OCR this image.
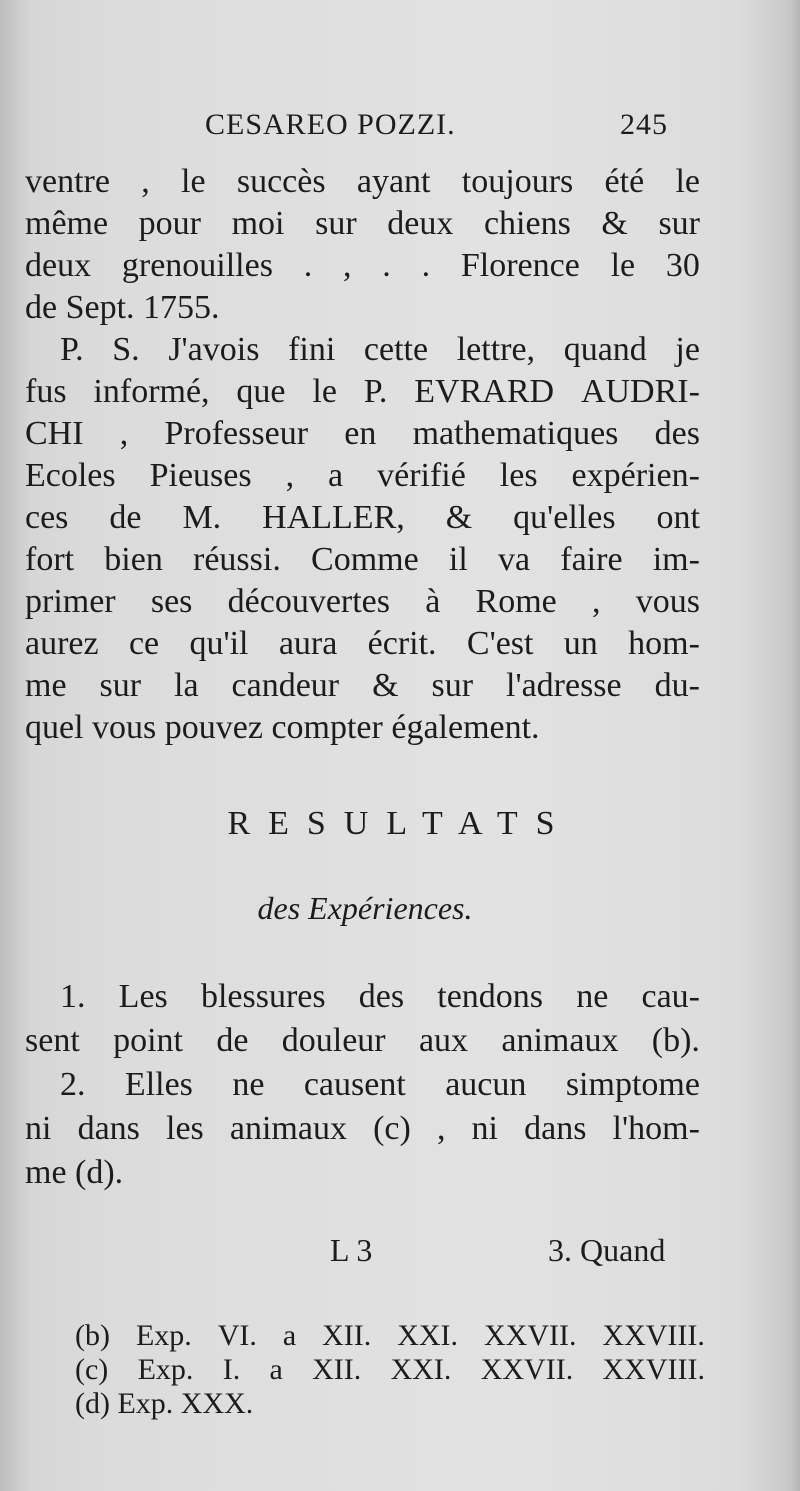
CESAREO POZZI.	245
ventre , le succès ayant toujours été le
même pour moi sur deux chiens & sur
deux grenouilles . , . . Florence le 30
de Sept. 1755.
P. S. J'avois fini cette lettre, quand je
fus informé, que le P. EVRARD AUDRI-
CHI , Professeur en mathematiques des
Ecoles Pieuses , a vérifié les expérien-
ces de M. HALLER, & qu'elles ont
fort bien réussi. Comme il va faire im-
primer ses découvertes à Rome , vous
aurez ce qu'il aura écrit. C'est un hom-
me sur la candeur & sur l'adresse du-
quel vous pouvez compter également.
RESULTATS
des Expériences.
1. Les blessures des tendons ne cau-
sent point de douleur aux animaux (b).
2. Elles ne causent aucun simptome
ni dans les animaux (c) , ni dans l'hom-
me (d).
L 3	3. Quand
(b) Exp. VI. a XII. XXI. XXVII. XXVIII.
(c) Exp. I. a XII. XXI. XXVII. XXVIII.
(d) Exp. XXX.
